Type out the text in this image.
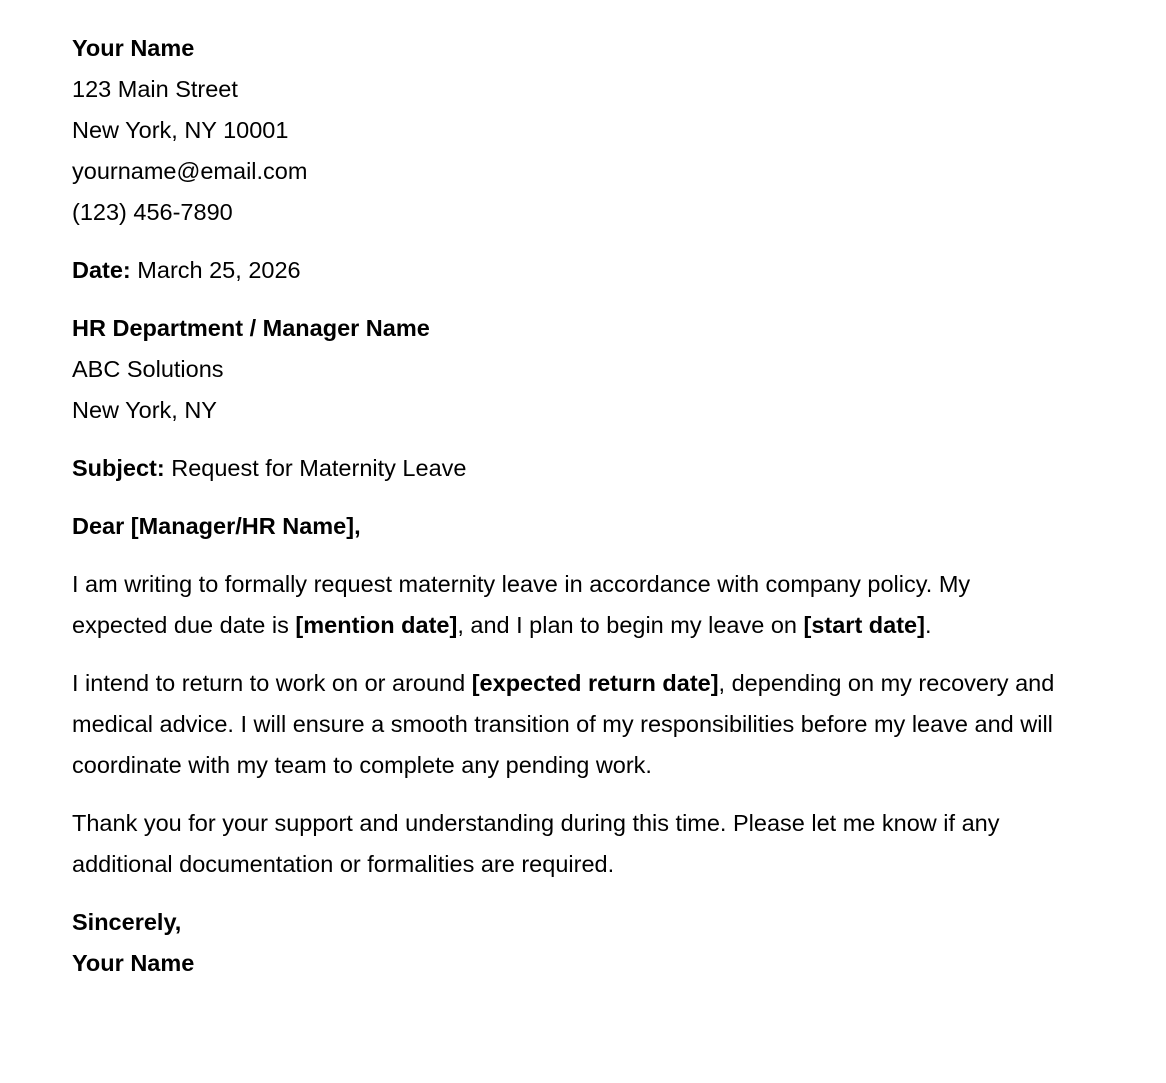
Your Name
123 Main Street
New York, NY 10001
yourname@email.com
(123) 456-7890
Date: March 25, 2026
HR Department / Manager Name
ABC Solutions
New York, NY
Subject: Request for Maternity Leave
Dear [Manager/HR Name],

I am writing to formally request maternity leave in accordance with company policy. My expected due date is [mention date], and I plan to begin my leave on [start date].

I intend to return to work on or around [expected return date], depending on my recovery and medical advice. I will ensure a smooth transition of my responsibilities before my leave and will coordinate with my team to complete any pending work.

Thank you for your support and understanding during this time. Please let me know if any additional documentation or formalities are required.

Sincerely,
Your Name
